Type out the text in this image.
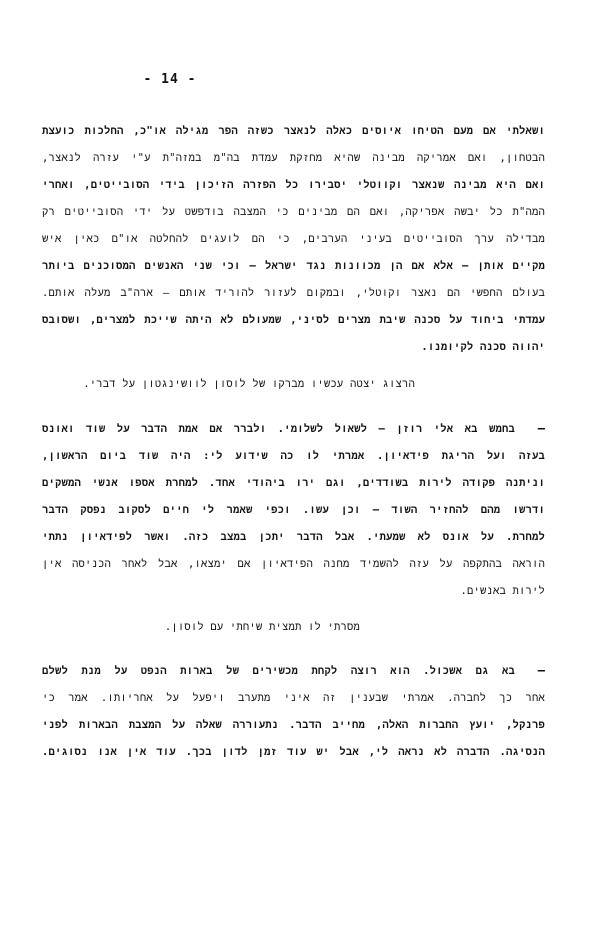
- 14 -
ושאלתי אם מעם הטיחו איוסים כאלה לנאצר כשזה הפר מגילה או"כ, החלכות כועצת
הבטחון, ואם אמריקה מבינה שהיא מחזקת עמדת בה"מ במזה"ת ע"י עזרה לנאצר,
ואם היא מבינה שנאצר וקווטלי יסבירו כל הפזרה הזיכון בידי הסובייטים, ואחרי
המה"ת כל יבשה אפריקה, ואם הם מבינים כי המצבה בודפשט על ידי הסובייטים רק
מבדילה ערך הסובייטים בעיני הערבים, כי הם לועגים להחלטה או"ם כאין איש
מקיים אותן — אלא אם הן מכוונות נגד ישראל — וכי שני האנשים המסוכנים ביותר
בעולם החפשי הם נאצר וקוטלי, ובמקום לעזור להוריד אותם — ארה"ב מעלה אותם.
עמדתי ביחוד על סכנה שיבת מצרים לסיני, שמעולם לא היתה שייכת למצרים, ושסובס
יהווה סכנה לקיומנו.
הרצוג יצטה עכשיו מברקו של לוסון לוושינגטון על דברי.
—
בחמש בא אלי רוזן — לשאול לשלומי. ולברר אם אמת הדבר על שוד ואונס
בעזה ועל הריגת פידאיון. אמרתי לו כה שידוע לי: היה שוד ביום הראשון,
וניתנה פקודה לירות בשודדים, וגם ירו ביהודי אחד. למחרת אספו אנשי המשקים
ודרשו מהם להחזיר השוד — וכן עשו. וכפי שאמר לי חיים לסקוב נפסק הדבר
למחרת. על אונס לא שמעתי. אבל הדבר יתכן במצב כזה. ואשר לפידאיון נתתי
הוראה בהתקפה על עזה להשמיד מחנה הפידאיון אם ימצאו, אבל לאחר הכניסה אין
לירות באנשים.
מסרתי לו תמצית שיחתי עם לוסון.
—
בא גם אשכול. הוא רוצה לקחת מכשירים של בארות הנפט על מנת לשלם
אחר כך לחברה. אמרתי שבענין זה איני מתערב ויפעל על אחריותו. אמר כי
פרנקל, יועץ החברות האלה, מחייב הדבר. נתעוררה שאלה על המצבת הבארות לפני
הנסיגה. הדברה לא נראה לי, אבל יש עוד זמן לדון בכך. עוד אין אנו נסוגים.
